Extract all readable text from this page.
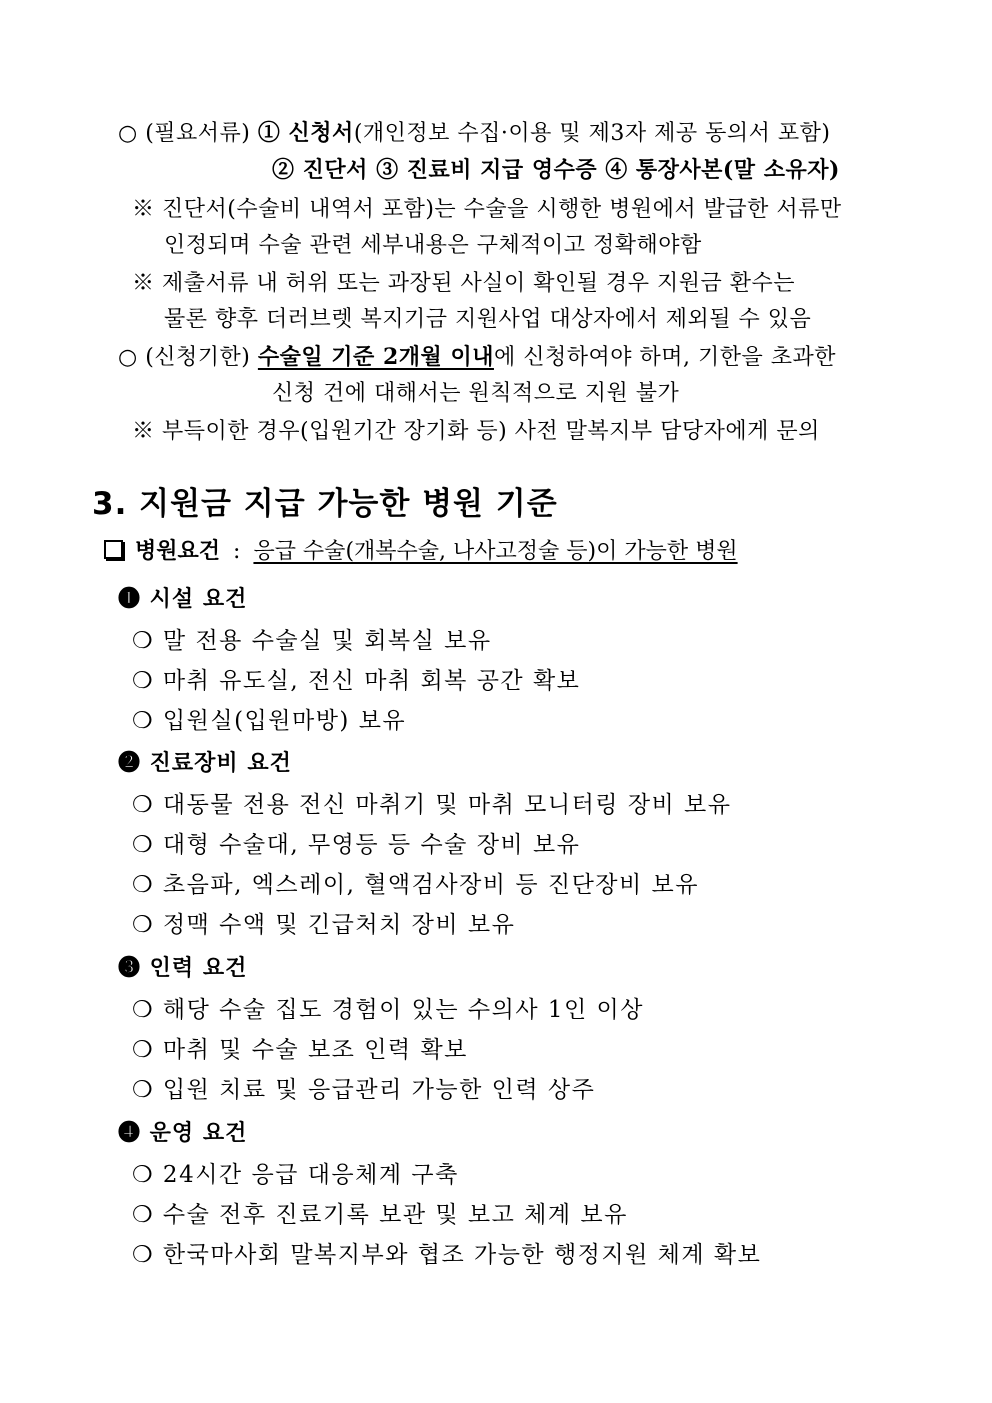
○ (필요서류) ① 신청서(개인정보 수집·이용 및 제3자 제공 동의서 포함)
② 진단서 ③ 진료비 지급 영수증 ④ 통장사본(말 소유자)
※ 진단서(수술비 내역서 포함)는 수술을 시행한 병원에서 발급한 서류만
인정되며 수술 관련 세부내용은 구체적이고 정확해야함
※ 제출서류 내 허위 또는 과장된 사실이 확인될 경우 지원금 환수는
물론 향후 더러브렛 복지기금 지원사업 대상자에서 제외될 수 있음
○ (신청기한) 수술일 기준 2개월 이내에 신청하여야 하며, 기한을 초과한
신청 건에 대해서는 원칙적으로 지원 불가
※ 부득이한 경우(입원기간 장기화 등) 사전 말복지부 담당자에게 문의
3. 지원금 지급 가능한 병원 기준
병원요건 : 응급 수술(개복수술, 나사고정술 등)이 가능한 병원
❶ 시설 요건
❍ 말 전용 수술실 및 회복실 보유
❍ 마취 유도실, 전신 마취 회복 공간 확보
❍ 입원실(입원마방) 보유
❷ 진료장비 요건
❍ 대동물 전용 전신 마취기 및 마취 모니터링 장비 보유
❍ 대형 수술대, 무영등 등 수술 장비 보유
❍ 초음파, 엑스레이, 혈액검사장비 등 진단장비 보유
❍ 정맥 수액 및 긴급처치 장비 보유
❸ 인력 요건
❍ 해당 수술 집도 경험이 있는 수의사 1인 이상
❍ 마취 및 수술 보조 인력 확보
❍ 입원 치료 및 응급관리 가능한 인력 상주
❹ 운영 요건
❍ 24시간 응급 대응체계 구축
❍ 수술 전후 진료기록 보관 및 보고 체계 보유
❍ 한국마사회 말복지부와 협조 가능한 행정지원 체계 확보
